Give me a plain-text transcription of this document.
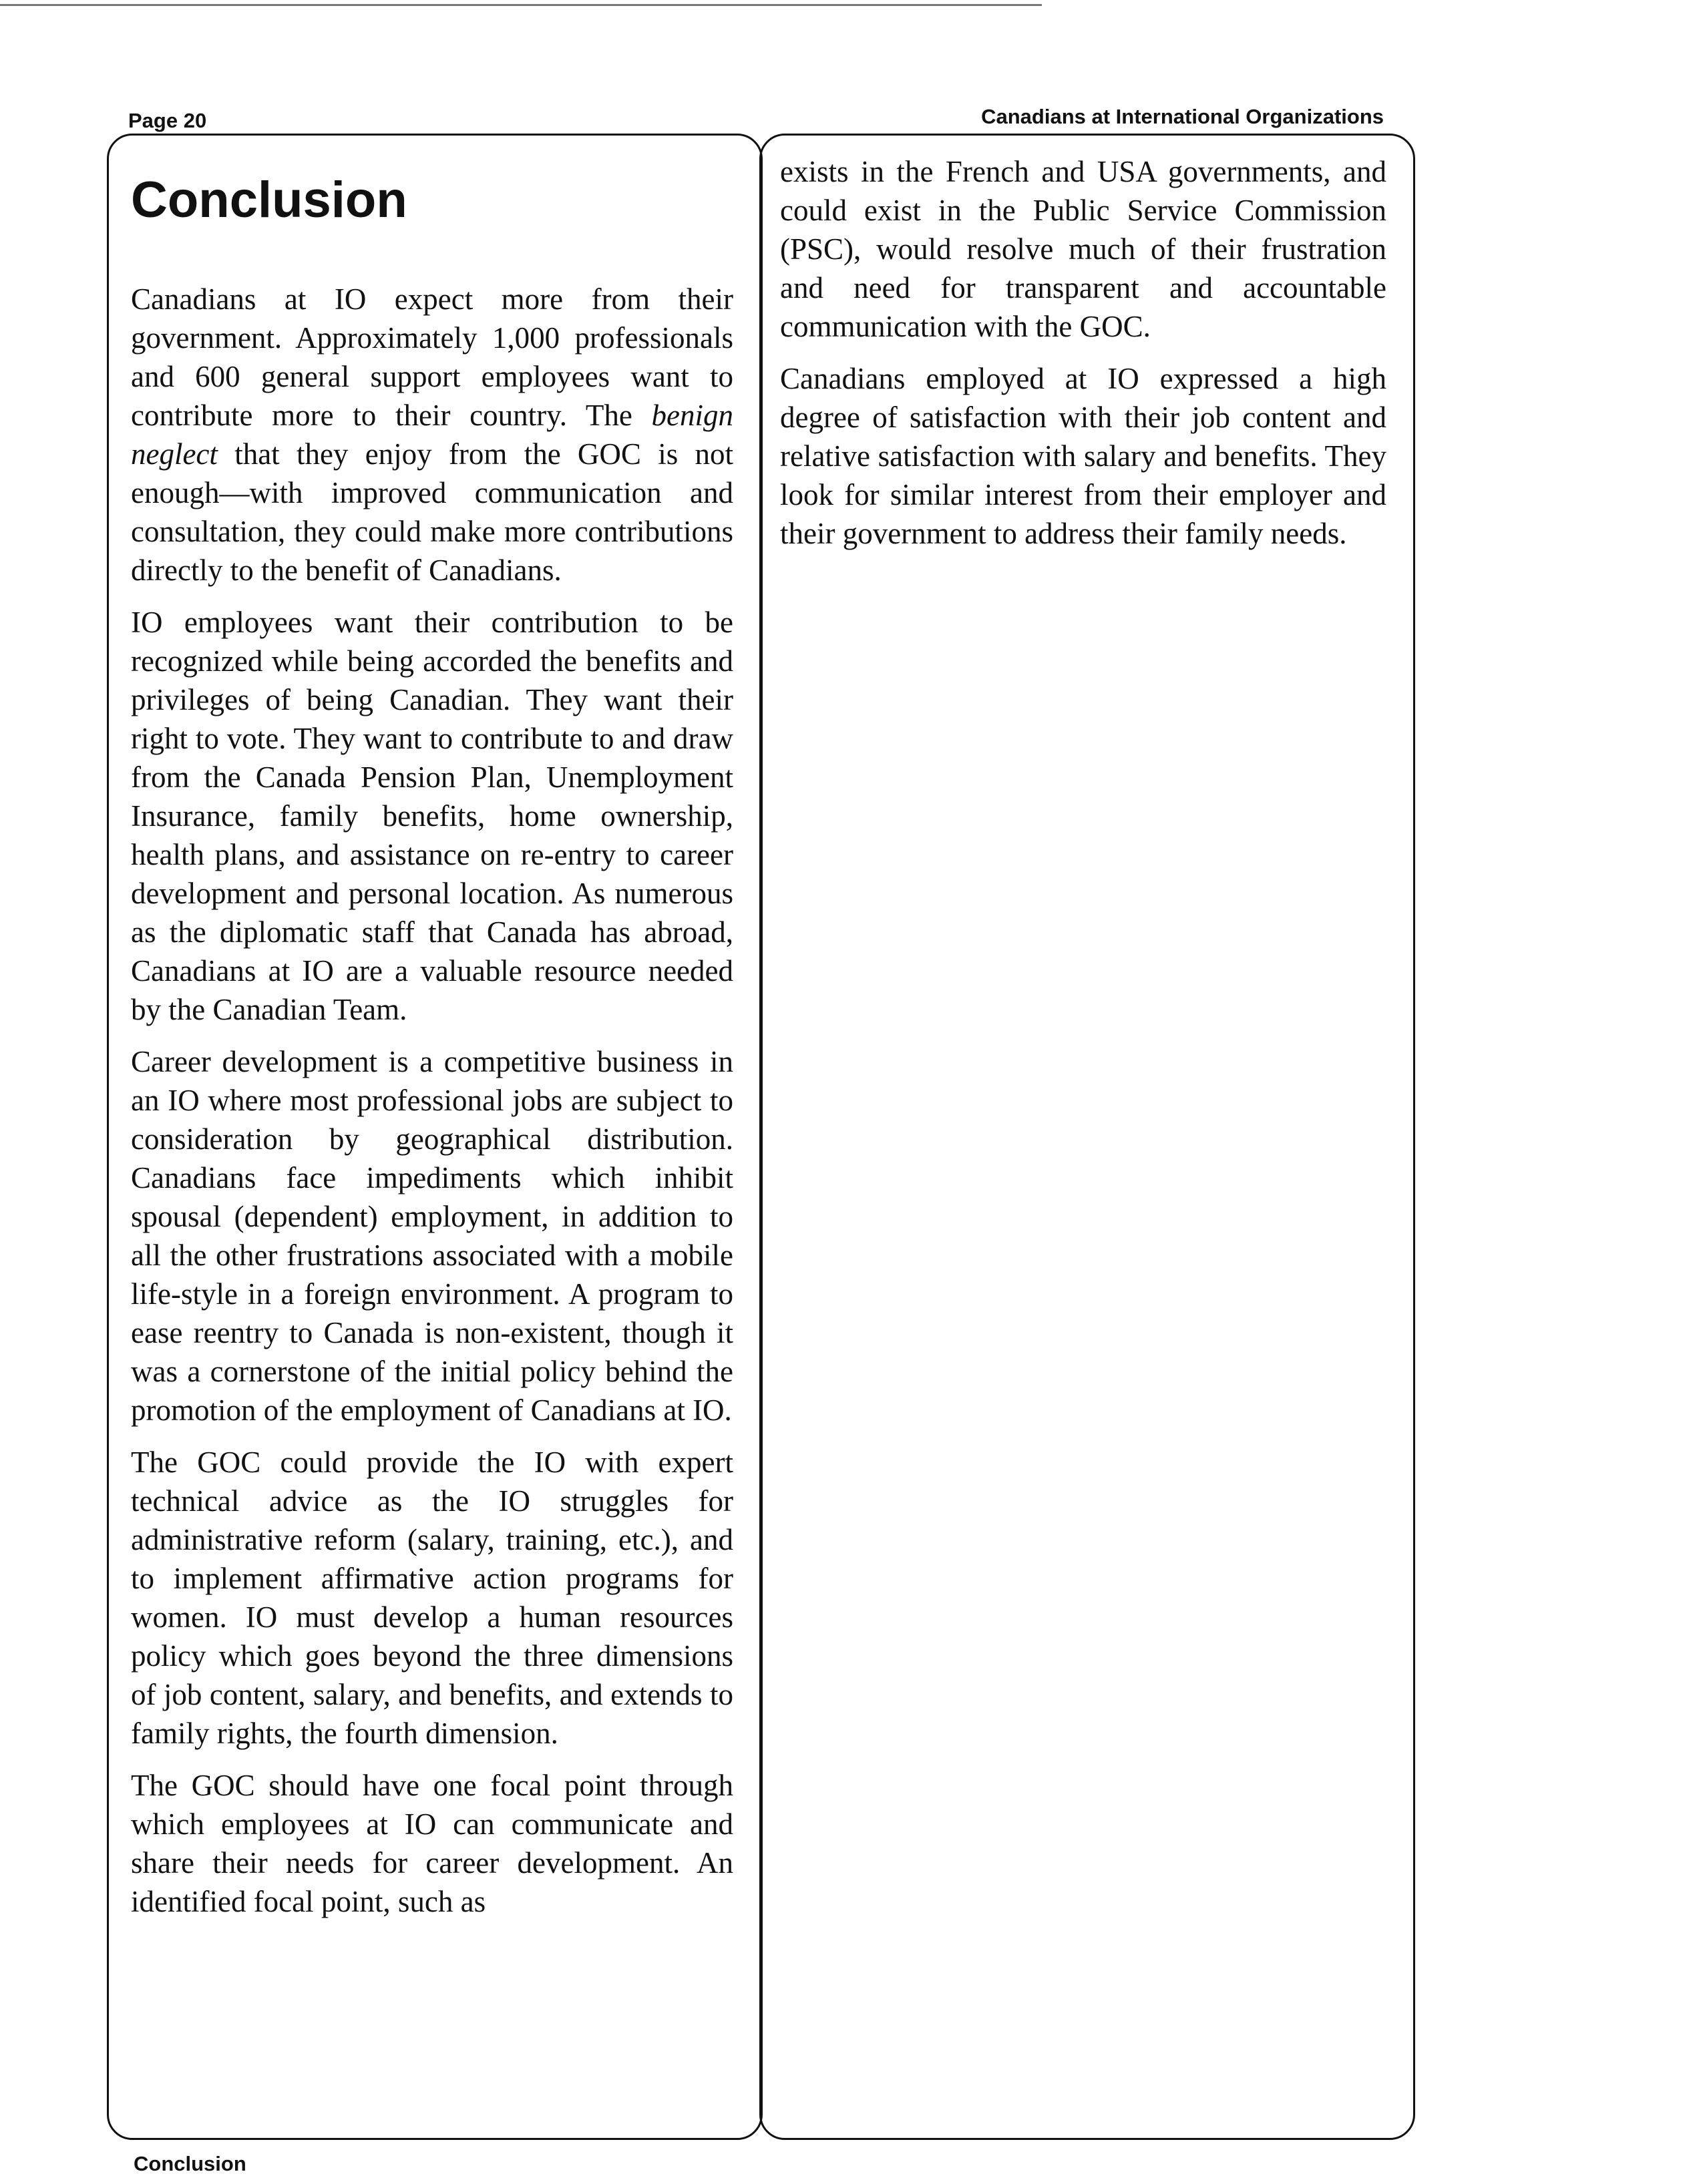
Page 20	Canadians at International Organizations
Conclusion

Canadians at IO expect more from their government. Approximately 1,000 professionals and 600 general support employees want to contribute more to their country. The benign neglect that they enjoy from the GOC is not enough—with improved communication and consultation, they could make more contributions directly to the benefit of Canadians.

IO employees want their contribution to be recognized while being accorded the benefits and privileges of being Canadian. They want their right to vote. They want to contribute to and draw from the Canada Pension Plan, Unemployment Insurance, family benefits, home ownership, health plans, and assistance on re-entry to career development and personal location. As numerous as the diplomatic staff that Canada has abroad, Canadians at IO are a valuable resource needed by the Canadian Team.

Career development is a competitive business in an IO where most professional jobs are subject to consideration by geographical distribution. Canadians face impediments which inhibit spousal (dependent) employment, in addition to all the other frustrations associated with a mobile life-style in a foreign environment. A program to ease reentry to Canada is non-existent, though it was a cornerstone of the initial policy behind the promotion of the employment of Canadians at IO.

The GOC could provide the IO with expert technical advice as the IO struggles for administrative reform (salary, training, etc.), and to implement affirmative action programs for women. IO must develop a human resources policy which goes beyond the three dimensions of job content, salary, and benefits, and extends to family rights, the fourth dimension.

The GOC should have one focal point through which employees at IO can communicate and share their needs for career development. An identified focal point, such as

exists in the French and USA governments, and could exist in the Public Service Commission (PSC), would resolve much of their frustration and need for transparent and accountable communication with the GOC.

Canadians employed at IO expressed a high degree of satisfaction with their job content and relative satisfaction with salary and benefits. They look for similar interest from their employer and their government to address their family needs.

Conclusion
